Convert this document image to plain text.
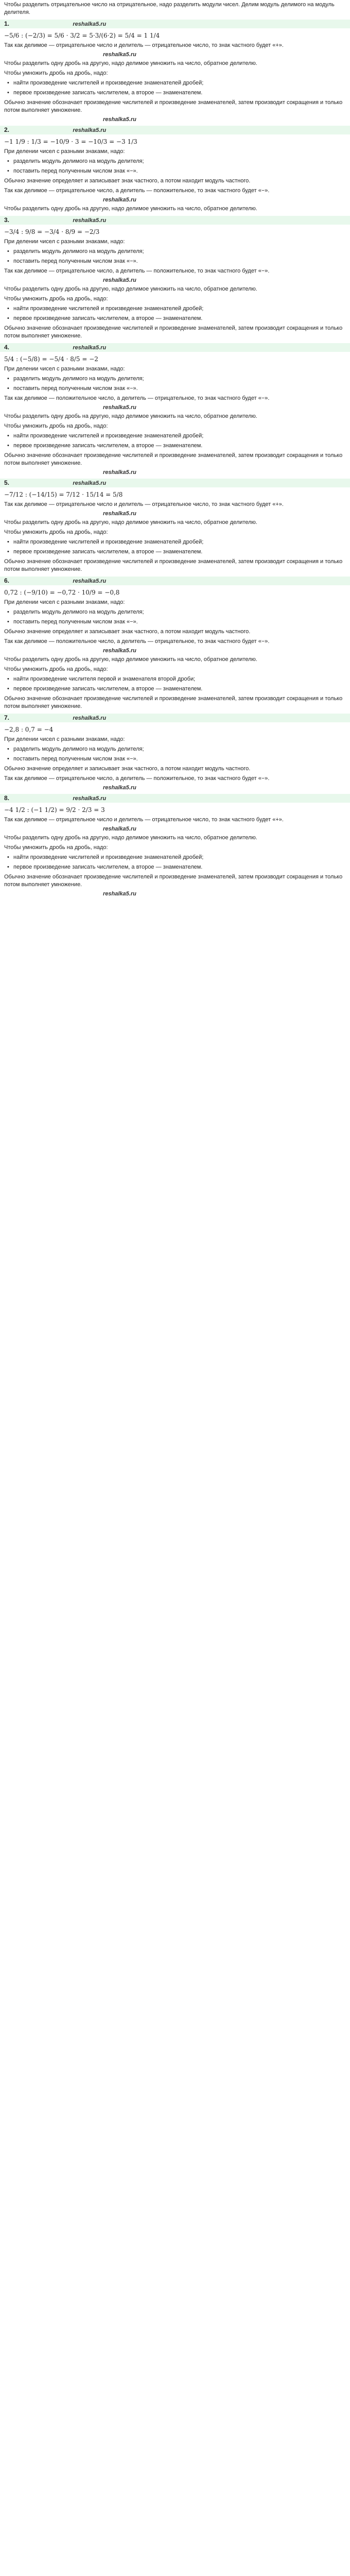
Чтобы разделить отрицательное число на отрицательное, надо разделить модули чисел. Делим модуль делимого на модуль делителя.
1.	reshalka5.ru
−5/6 : (−2/3) = 5/6 · 3/2 = 5·3/(6·2) = 5/4 = 1 1/4
Так как делимое — отрицательное число и делитель — отрицательное число, то знак частного будет «+».
reshalka5.ru
Чтобы разделить одну дробь на другую, надо делимое умножить на число, обратное делителю.
Чтобы умножить дробь на дробь, надо:
• найти произведение числителей и произведение знаменателей дробей;
• первое произведение записать числителем, а второе — знаменателем.
Обычно значение обозначает произведение числителей и произведение знаменателей, затем производит сокращения и только потом выполняет умножение.
reshalka5.ru
2.	reshalka5.ru
−1 1/9 : 1/3 = −10/9 · 3 = −10/3 = −3 1/3
При делении чисел с разными знаками, надо:
• разделить модуль делимого на модуль делителя;
• поставить перед полученным числом знак «−».
Обычно значение определяет и записывает знак частного, а потом находит модуль частного.
Так как делимое — отрицательное число, а делитель — положительное, то знак частного будет «−».
reshalka5.ru
Чтобы разделить одну дробь на другую, надо делимое умножить на число, обратное делителю.
3.	reshalka5.ru
−3/4 : 9/8 = −3/4 · 8/9 = −2/3
При делении чисел с разными знаками, надо:
• разделить модуль делимого на модуль делителя;
• поставить перед полученным числом знак «−».
Так как делимое — отрицательное число, а делитель — положительное, то знак частного будет «−».
reshalka5.ru
Чтобы разделить одну дробь на другую, надо делимое умножить на число, обратное делителю.
Чтобы умножить дробь на дробь, надо:
• найти произведение числителей и произведение знаменателей дробей;
• первое произведение записать числителем, а второе — знаменателем.
Обычно значение обозначает произведение числителей и произведение знаменателей, затем производит сокращения и только потом выполняет умножение.
4.	reshalka5.ru
5/4 : (−5/8) = −5/4 · 8/5 = −2
При делении чисел с разными знаками, надо:
• разделить модуль делимого на модуль делителя;
• поставить перед полученным числом знак «−».
Так как делимое — положительное число, а делитель — отрицательное, то знак частного будет «−».
reshalka5.ru
Чтобы разделить одну дробь на другую, надо делимое умножить на число, обратное делителю.
Чтобы умножить дробь на дробь, надо:
• найти произведение числителей и произведение знаменателей дробей;
• первое произведение записать числителем, а второе — знаменателем.
Обычно значение обозначает произведение числителей и произведение знаменателей, затем производит сокращения и только потом выполняет умножение.
reshalka5.ru
5.	reshalka5.ru
−7/12 : (−14/15) = 7/12 · 15/14 = 5/8
Так как делимое — отрицательное число и делитель — отрицательное число, то знак частного будет «+».
reshalka5.ru
Чтобы разделить одну дробь на другую, надо делимое умножить на число, обратное делителю.
Чтобы умножить дробь на дробь, надо:
• найти произведение числителей и произведение знаменателей дробей;
• первое произведение записать числителем, а второе — знаменателем.
Обычно значение обозначает произведение числителей и произведение знаменателей, затем производит сокращения и только потом выполняет умножение.
6.	reshalka5.ru
0,72 : (−9/10) = −0,72 · 10/9 = −0,8
При делении чисел с разными знаками, надо:
• разделить модуль делимого на модуль делителя;
• поставить перед полученным числом знак «−».
Обычно значение определяет и записывает знак частного, а потом находит модуль частного.
Так как делимое — положительное число, а делитель — отрицательное, то знак частного будет «−».
reshalka5.ru
Чтобы разделить одну дробь на другую, надо делимое умножить на число, обратное делителю.
Чтобы умножить дробь на дробь, надо:
• найти произведение числителя первой и знаменателя второй дроби;
• первое произведение записать числителем, а второе — знаменателем.
Обычно значение обозначает произведение числителей и произведение знаменателей, затем производит сокращения и только потом выполняет умножение.
7.	reshalka5.ru
−2,8 : 0,7 = −4
При делении чисел с разными знаками, надо:
• разделить модуль делимого на модуль делителя;
• поставить перед полученным числом знак «−».
Обычно значение определяет и записывает знак частного, а потом находит модуль частного.
Так как делимое — отрицательное число, а делитель — положительное, то знак частного будет «−».
reshalka5.ru
8.	reshalka5.ru
−4 1/2 : (−1 1/2) = 9/2 · 2/3 = 3
Так как делимое — отрицательное число и делитель — отрицательное число, то знак частного будет «+».
reshalka5.ru
Чтобы разделить одну дробь на другую, надо делимое умножить на число, обратное делителю.
Чтобы умножить дробь на дробь, надо:
• найти произведение числителей и произведение знаменателей дробей;
• первое произведение записать числителем, а второе — знаменателем.
Обычно значение обозначает произведение числителей и произведение знаменателей, затем производит сокращения и только потом выполняет умножение.
reshalka5.ru
